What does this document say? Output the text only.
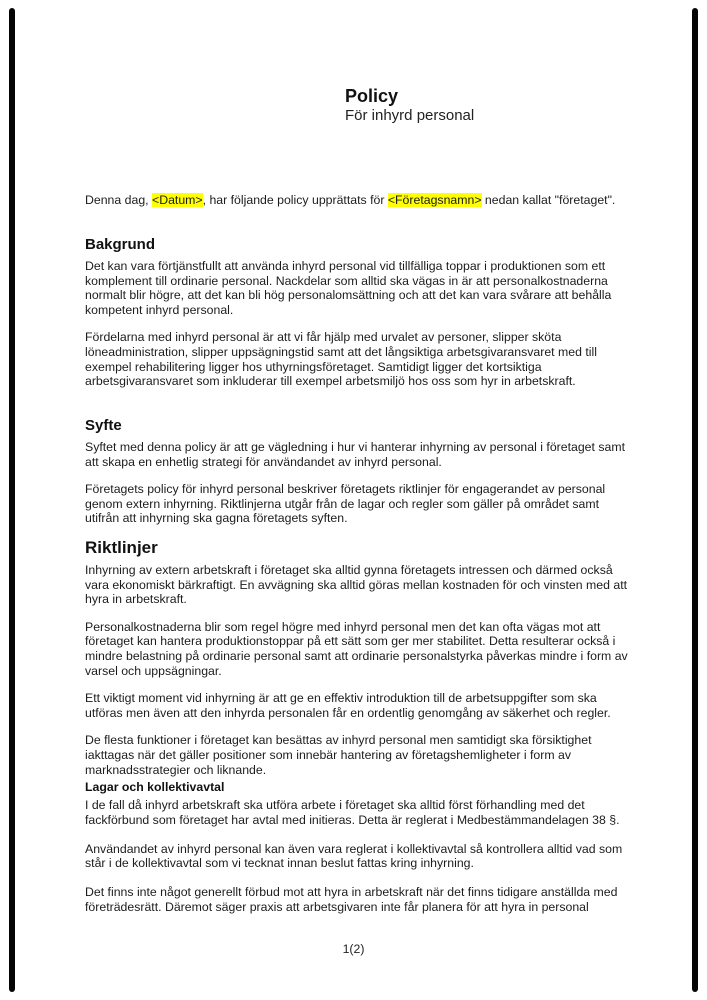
Policy
För inhyrd personal

Denna dag, <Datum>, har följande policy upprättats för <Företagsnamn> nedan kallat "företaget".

Bakgrund

Det kan vara förtjänstfullt att använda inhyrd personal vid tillfälliga toppar i produktionen som ett komplement till ordinarie personal. Nackdelar som alltid ska vägas in är att personalkostnaderna normalt blir högre, att det kan bli hög personalomsättning och att det kan vara svårare att behålla kompetent inhyrd personal.

Fördelarna med inhyrd personal är att vi får hjälp med urvalet av personer, slipper sköta löneadministration, slipper uppsägningstid samt att det långsiktiga arbetsgivaransvaret med till exempel rehabilitering ligger hos uthyrningsföretaget. Samtidigt ligger det kortsiktiga arbetsgivaransvaret som inkluderar till exempel arbetsmiljö hos oss som hyr in arbetskraft.

Syfte

Syftet med denna policy är att ge vägledning i hur vi hanterar inhyrning av personal i företaget samt att skapa en enhetlig strategi för användandet av inhyrd personal.

Företagets policy för inhyrd personal beskriver företagets riktlinjer för engagerandet av personal genom extern inhyrning. Riktlinjerna utgår från de lagar och regler som gäller på området samt utifrån att inhyrning ska gagna företagets syften.

Riktlinjer

Inhyrning av extern arbetskraft i företaget ska alltid gynna företagets intressen och därmed också vara ekonomiskt bärkraftigt. En avvägning ska alltid göras mellan kostnaden för och vinsten med att hyra in arbetskraft.

Personalkostnaderna blir som regel högre med inhyrd personal men det kan ofta vägas mot att företaget kan hantera produktionstoppar på ett sätt som ger mer stabilitet. Detta resulterar också i mindre belastning på ordinarie personal samt att ordinarie personalstyrka påverkas mindre i form av varsel och uppsägningar.

Ett viktigt moment vid inhyrning är att ge en effektiv introduktion till de arbetsuppgifter som ska utföras men även att den inhyrda personalen får en ordentlig genomgång av säkerhet och regler.

De flesta funktioner i företaget kan besättas av inhyrd personal men samtidigt ska försiktighet iakttagas när det gäller positioner som innebär hantering av företagshemligheter i form av marknadsstrategier och liknande.

Lagar och kollektivavtal

I de fall då inhyrd arbetskraft ska utföra arbete i företaget ska alltid först förhandling med det fackförbund som företaget har avtal med initieras. Detta är reglerat i Medbestämmandelagen 38 §.

Användandet av inhyrd personal kan även vara reglerat i kollektivavtal så kontrollera alltid vad som står i de kollektivavtal som vi tecknat innan beslut fattas kring inhyrning.

Det finns inte något generellt förbud mot att hyra in arbetskraft när det finns tidigare anställda med företrädesrätt. Däremot säger praxis att arbetsgivaren inte får planera för att hyra in personal

1(2)
